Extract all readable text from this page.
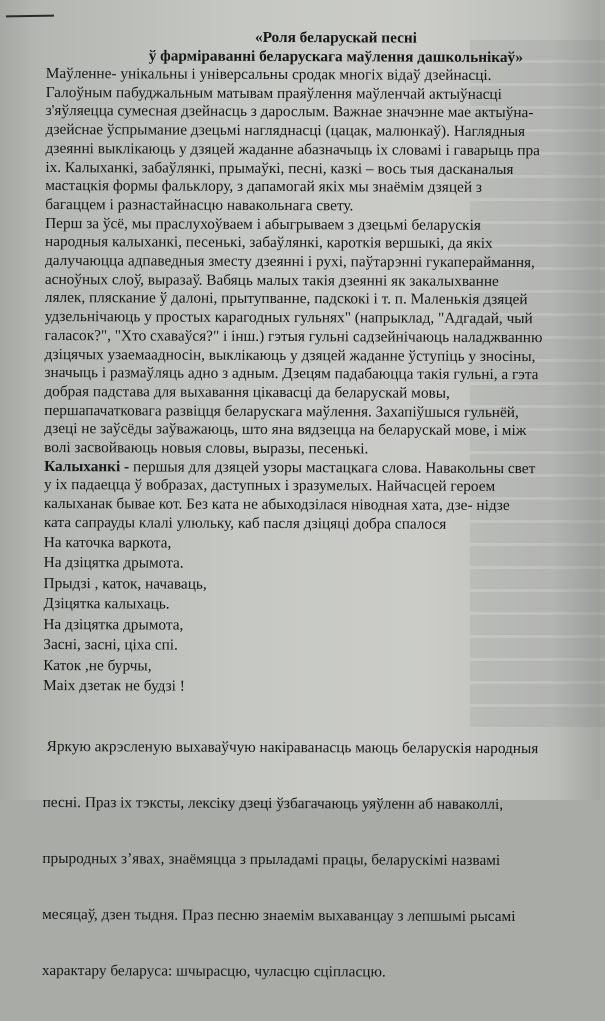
«Роля беларускай песні
ў фарміраванні беларускага маўлення дашкольнікаў»
Маўленне- унікальны і універсальны сродак многіх відаў дзейнасці.
Галоўным пабуджальным матывам праяўлення маўленчай актыўнасці
з'яўляецца сумесная дзейнасць з дарослым. Важнае значэнне мае актыўна-
дзейснае ўспрымание дзецьмі нагляднасці (цацак, малюнкаў). Наглядныя
дзеянні выклікаюць у дзяцей жаданне абазначыць іх словамі і гаварыць пра
іх. Калыханкі, забаўлянкі, прымаўкі, песні, казкі – вось тыя дасканалыя
мастацкія формы фальклору, з дапамогай якіх мы знаёмім дзяцей з
багаццем і разнастайнасцю навакольнага свету.
Перш за ўсё, мы праслухоўваем і абыгрываем з дзецьмі беларускія
народныя калыханкі, песенькі, забаўлянкі, кароткія вершыкі, да якіх
далучаюцца адпаведныя зместу дзеянні і рухі, паўтарэнні гукапераймання,
асноўных слоў, выразаў. Вабяць малых такія дзеянні як закалыхванне
лялек, пляскание ў далоні, прытупванне, падскокі і т. п. Маленькія дзяцей
удзельнічаюць у простых карагодных гульнях" (напрыклад, "Адгадай, чый
галасок?", "Хто схаваўся?" і інш.) гэтыя гульні садзейнічаюць наладжванню
дзіцячых узаемаадносін, выклікаюць у дзяцей жаданне ўступіць у зносіны,
значыць і размаўляць адно з адным. Дзецям падабаюцца такія гульні, а гэта
добрая падстава для выхавання цікавасці да беларускай мовы,
першапачатковага развіцця беларускага маўлення. Захапіўшыся гульнёй,
дзеці не заўсёды заўважаюць, што яна вядзецца на беларускай мове, і між
волі засвойваюць новыя словы, выразы, песенькі.
Калыханкі - першыя для дзяцей узоры мастацкага слова. Навакольны свет
у іх падаецца ў вобразах, даступных і зразумелых. Найчасцей героем
калыханак бывае кот. Без ката не абыходзілася ніводная хата, дзе- нідзе
ката сапрауды клалі улюльку, каб пасля дзіцяці добра спалося
На каточка варкота,
На дзіцятка дрымота.
Прыдзі , каток, начаваць,
Дзіцятка калыхаць.
На дзіцятка дрымота,
Засні, засні, ціха спі.
Каток ,не бурчы,
Маіх дзетак не будзі !

Яркую акрэсленую выхаваўчую накіраванасць маюць беларускія народныя

песні. Праз іх тэксты, лексіку дзеці ўзбагачаюць уяўленн аб наваколлі,

прыродных з’явах, знаёмяцца з прыладамі працы, беларускімі назвамі

месяцаў, дзен тыдня. Праз песню знаемім выхаванцау з лепшымі рысамі

характару беларуса: шчырасцю, чуласцю сціпласцю.
